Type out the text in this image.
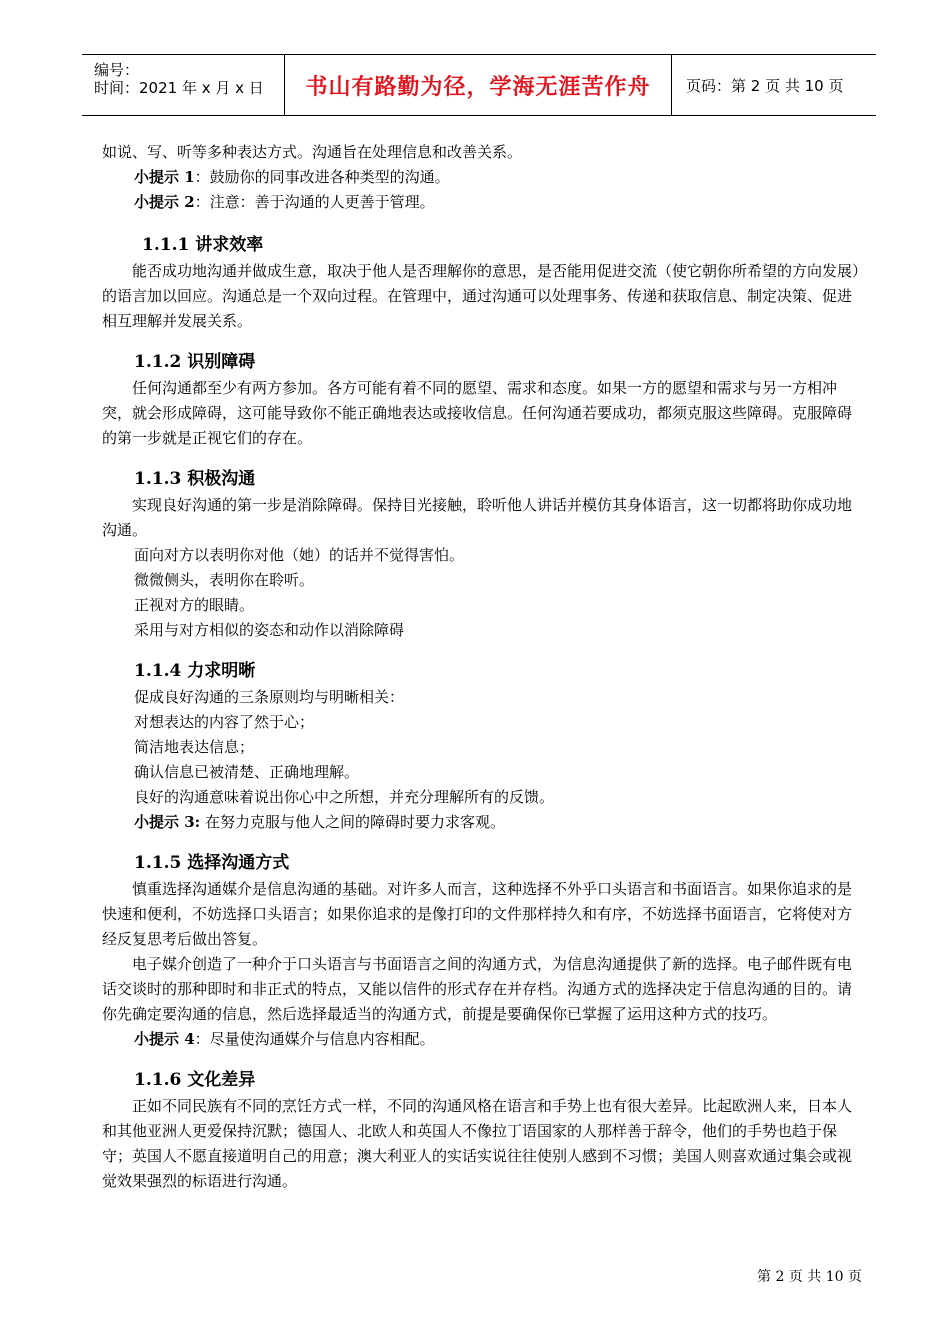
编号：
时间：2021 年 x 月 x 日	书山有路勤为径，学海无涯苦作舟	页码：第 2 页 共 10 页

如说、写、听等多种表达方式。沟通旨在处理信息和改善关系。

小提示 1：鼓励你的同事改进各种类型的沟通。

小提示 2：注意：善于沟通的人更善于管理。

1.1.1 讲求效率

能否成功地沟通并做成生意，取决于他人是否理解你的意思，是否能用促进交流（使它朝你所希望的方向发展）的语言加以回应。沟通总是一个双向过程。在管理中，通过沟通可以处理事务、传递和获取信息、制定决策、促进相互理解并发展关系。

1.1.2 识别障碍

任何沟通都至少有两方参加。各方可能有着不同的愿望、需求和态度。如果一方的愿望和需求与另一方相冲突，就会形成障碍，这可能导致你不能正确地表达或接收信息。任何沟通若要成功，都须克服这些障碍。克服障碍的第一步就是正视它们的存在。

1.1.3 积极沟通

实现良好沟通的第一步是消除障碍。保持目光接触，聆听他人讲话并模仿其身体语言，这一切都将助你成功地沟通。

面向对方以表明你对他（她）的话并不觉得害怕。

微微侧头，表明你在聆听。

正视对方的眼睛。

采用与对方相似的姿态和动作以消除障碍

1.1.4 力求明晰

促成良好沟通的三条原则均与明晰相关：

对想表达的内容了然于心；

简洁地表达信息；

确认信息已被清楚、正确地理解。

良好的沟通意味着说出你心中之所想，并充分理解所有的反馈。

小提示 3: 在努力克服与他人之间的障碍时要力求客观。

1.1.5 选择沟通方式

慎重选择沟通媒介是信息沟通的基础。对许多人而言，这种选择不外乎口头语言和书面语言。如果你追求的是快速和便利，不妨选择口头语言；如果你追求的是像打印的文件那样持久和有序，不妨选择书面语言，它将使对方经反复思考后做出答复。

电子媒介创造了一种介于口头语言与书面语言之间的沟通方式，为信息沟通提供了新的选择。电子邮件既有电话交谈时的那种即时和非正式的特点，又能以信件的形式存在并存档。沟通方式的选择决定于信息沟通的目的。请你先确定要沟通的信息，然后选择最适当的沟通方式，前提是要确保你已掌握了运用这种方式的技巧。

小提示 4：尽量使沟通媒介与信息内容相配。

1.1.6 文化差异

正如不同民族有不同的烹饪方式一样，不同的沟通风格在语言和手势上也有很大差异。比起欧洲人来，日本人和其他亚洲人更爱保持沉默；德国人、北欧人和英国人不像拉丁语国家的人那样善于辞令，他们的手势也趋于保守；英国人不愿直接道明自己的用意；澳大利亚人的实话实说往往使别人感到不习惯；美国人则喜欢通过集会或视觉效果强烈的标语进行沟通。

第 2 页 共 10 页
